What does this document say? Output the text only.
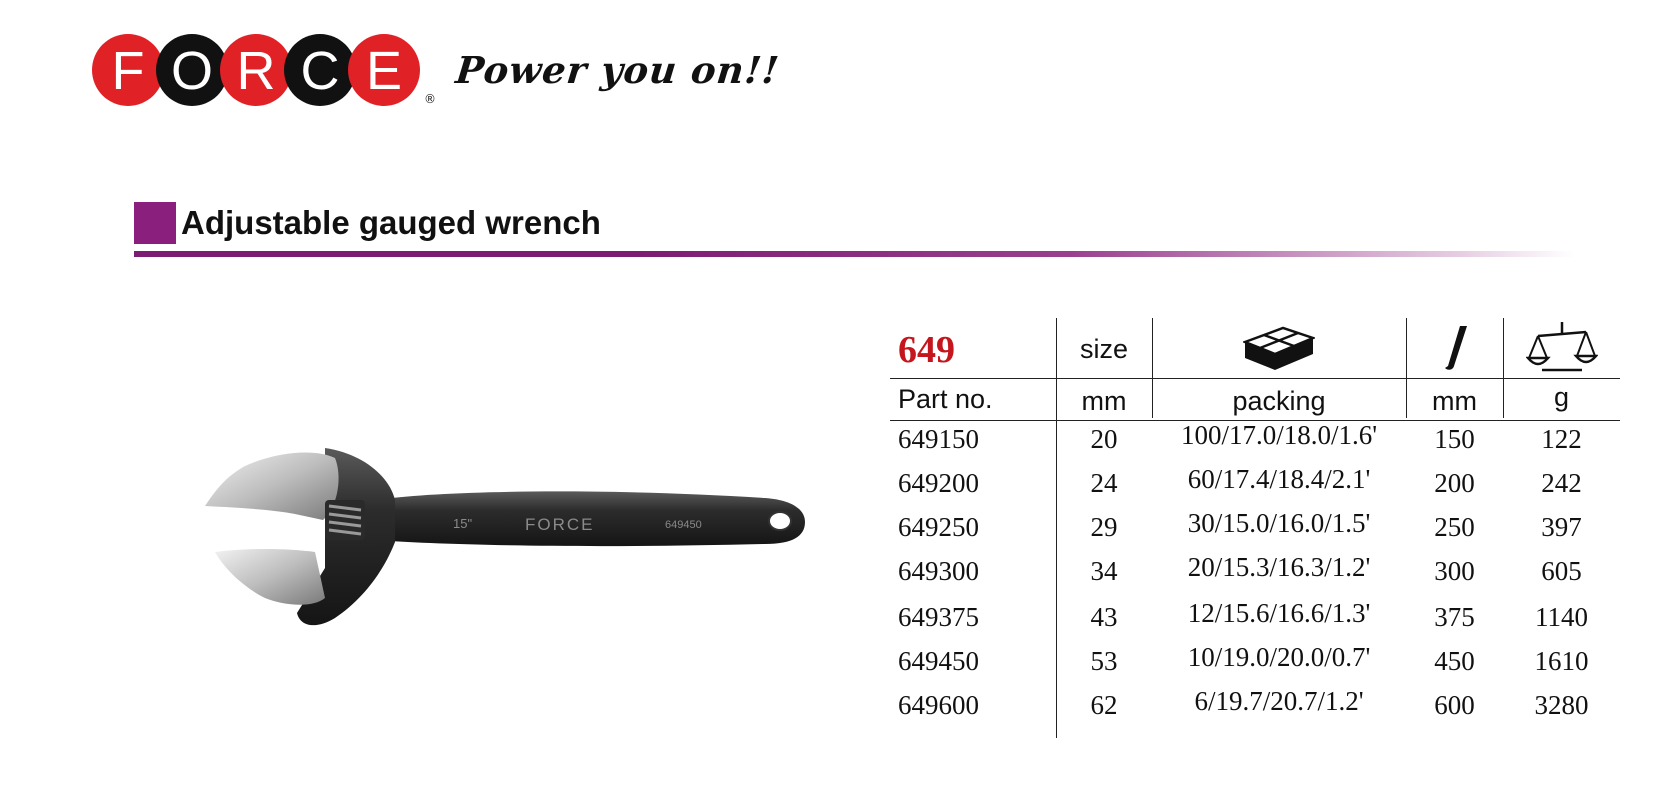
F O R C E ®
Power you on!!
Adjustable gauged wrench
15"	FORCE	649450
649	size
Part no.	mm	packing	mm	g
649150	20	100/17.0/18.0/1.6'	150	122
649200	24	60/17.4/18.4/2.1'	200	242
649250	29	30/15.0/16.0/1.5'	250	397
649300	34	20/15.3/16.3/1.2'	300	605
649375	43	12/15.6/16.6/1.3'	375	1140
649450	53	10/19.0/20.0/0.7'	450	1610
649600	62	6/19.7/20.7/1.2'	600	3280
